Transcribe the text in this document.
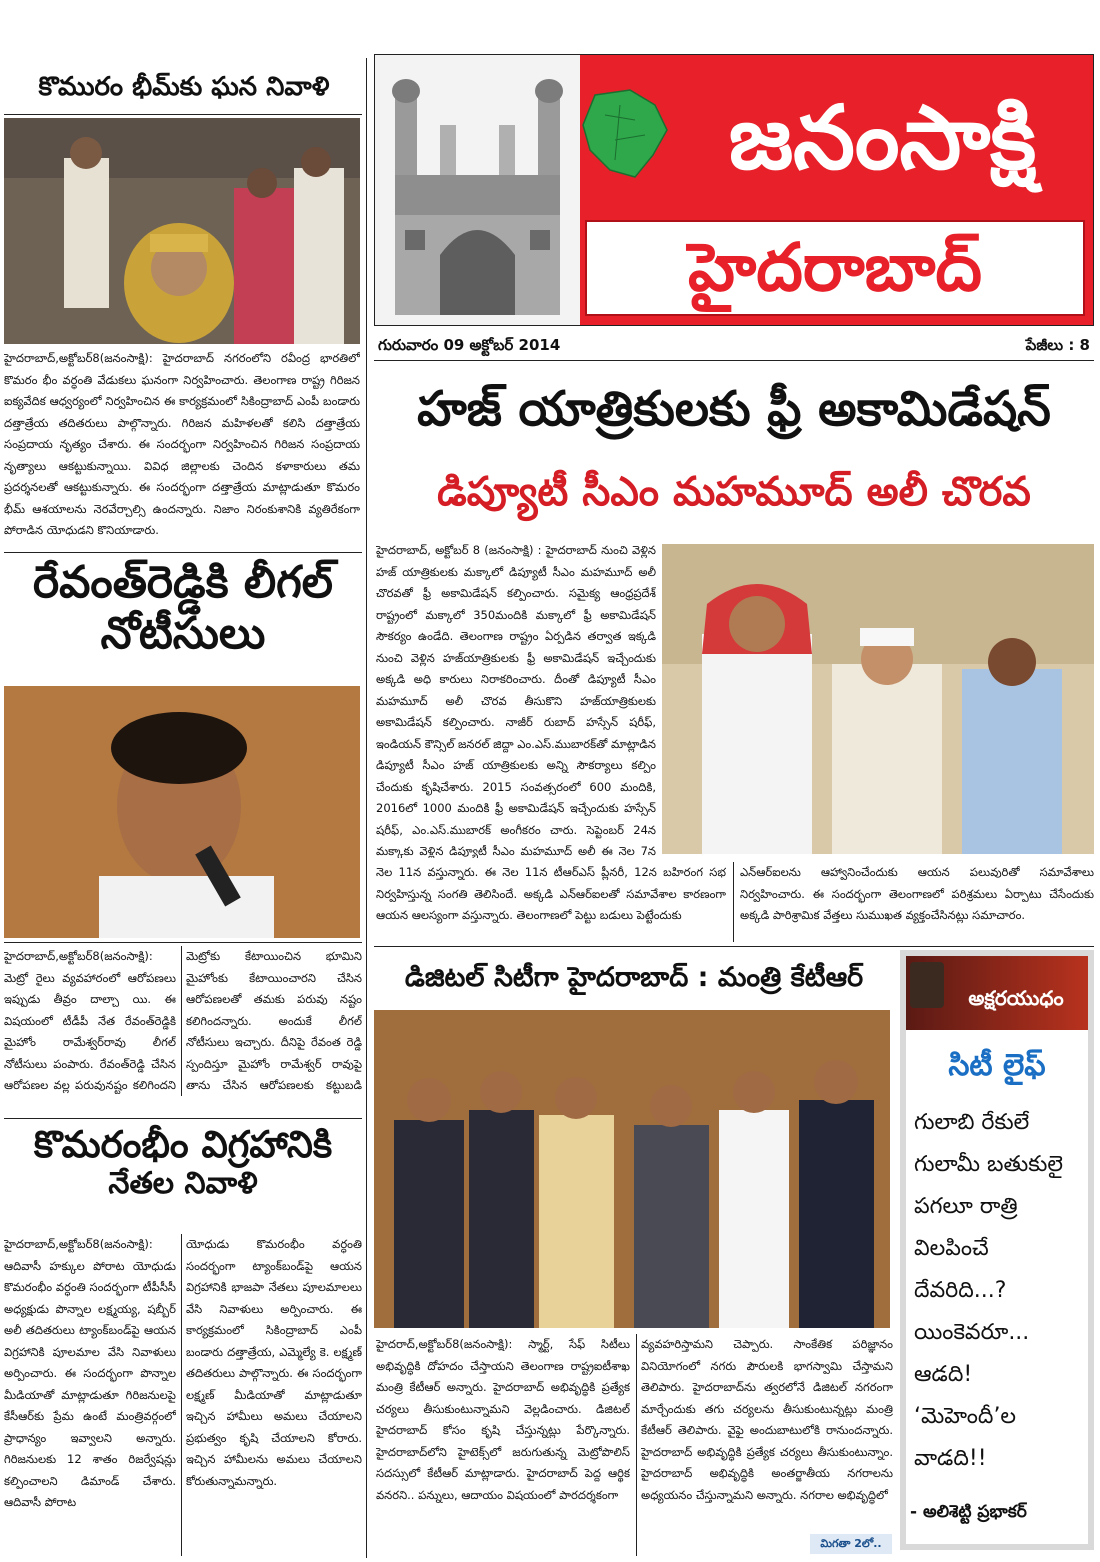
కొమురం భీమ్‌కు ఘన నివాళి
హైదరాబాద్,అక్టోబర్8(జనంసాక్షి): హైదరాబాద్ నగరంలోని రవీంద్ర భారతిలో కొమరం భీం వర్ధంతి వేడుకలు ఘనంగా నిర్వహించారు. తెలంగాణ రాష్ట్ర గిరిజన ఐక్యవేదిక ఆధ్వర్యంలో నిర్వహించిన ఈ కార్యక్రమంలో సికింద్రాబాద్ ఎంపీ బండారు దత్తాత్రేయ తదితరులు పాల్గొన్నారు. గిరిజన మహిళలతో కలిసి దత్తాత్రేయ సంప్రదాయ నృత్యం చేశారు. ఈ సందర్భంగా నిర్వహించిన గిరిజన సంప్రదాయ నృత్యాలు ఆకట్టుకున్నాయి. వివిధ జిల్లాలకు చెందిన కళాకారులు తమ ప్రదర్శనలతో ఆకట్టుకున్నారు. ఈ సందర్భంగా దత్తాత్రేయ మాట్లాడుతూ కొమరం భీమ్ ఆశయాలను నెరవేర్చాల్సి ఉందన్నారు. నిజాం నిరంకుశానికి వ్యతిరేకంగా పోరాడిన యోధుడని కొనియాడారు.
రేవంత్‌రెడ్డికి లీగల్
నోటీసులు
హైదరాబాద్,అక్టోబర్8(జనంసాక్షి): మెట్రో రైలు వ్యవహారంలో ఆరోపణలు ఇప్పుడు తీవ్రం దాల్చా యి. ఈ విషయంలో టీడీపీ నేత రేవంత్‌రెడ్డికి మైహోం రామేశ్వర్‌రావు లీగల్ నోటీసులు పంపారు. రేవంత్‌రెడ్డి చేసిన ఆరోపణల వల్ల పరువునష్టం కలిగిందని
మెట్రోకు కేటాయించిన భూమిని మైహోంకు కేటాయించారని చేసిన ఆరోపణలతో తమకు పరువు నష్టం కలిగిందన్నారు. అందుకే లీగల్ నోటీసులు ఇచ్చారు. దీనిపై రేవంత రెడ్డి స్పందిస్తూ మైహోం రామేశ్వర్ రావుపై తాను చేసిన ఆరోపణలకు కట్టుబడి
కొమరంభీం విగ్రహానికి
నేతల నివాళి
హైదరాబాద్,అక్టోబర్8(జనంసాక్షి): ఆదివాసీ హక్కుల పోరాట యోధుడు కొమరంభీం వర్ధంతి సందర్భంగా టీపీసీసీ అధ్యక్షుడు పొన్నాల లక్ష్మయ్య, షబ్బీర్ అలీ తదితరులు ట్యాంక్‌బండ్‌పై ఆయన విగ్రహానికి పూలమాల వేసి నివాళులు అర్పించారు. ఈ సందర్భంగా పొన్నాల మీడియాతో మాట్లాడుతూ గిరిజనులపై కేసీఆర్‌కు ప్రేమ ఉంటే మంత్రివర్గంలో ప్రాధాన్యం ఇవ్వాలని అన్నారు. గిరిజనులకు 12 శాతం రిజర్వేషన్లు కల్పించాలని డిమాండ్ చేశారు. ఆదివాసీ పోరాట
యోధుడు కొమరంభీం వర్ధంతి సందర్భంగా ట్యాంక్‌బండ్‌పై ఆయన విగ్రహానికి భాజపా నేతలు పూలమాలలు వేసి నివాళులు అర్పించారు. ఈ కార్యక్రమంలో సికింద్రాబాద్ ఎంపీ బండారు దత్తాత్రేయ, ఎమ్మెల్యే కె. లక్ష్మణ్ తదితరులు పాల్గొన్నారు. ఈ సందర్భంగా లక్ష్మణ్ మీడియాతో మాట్లాడుతూ ఇచ్చిన హామీలు అమలు చేయాలని ప్రభుత్వం కృషి చేయాలని కోరారు. ఇచ్చిన హామీలను అమలు చేయాలని కోరుతున్నామన్నారు.
జనంసాక్షి
హైదరాబాద్
గురువారం 09 అక్టోబర్ 2014	పేజీలు : 8
హజ్ యాత్రికులకు ఫ్రీ అకామిడేషన్
డిప్యూటీ సీఎం మహమూద్ అలీ చొరవ
హైదరాబాద్, అక్టోబర్ 8 (జనంసాక్షి) : హైదరాబాద్ నుంచి వెళ్లిన హజ్ యాత్రికులకు మక్కాలో డిప్యూటీ సీఎం మహమూద్ అలీ చొరవతో ఫ్రీ అకామిడేషన్ కల్పించారు. సమైక్య ఆంధ్రప్రదేశ్ రాష్ట్రంలో మక్కాలో 350మందికి మక్కాలో ఫ్రీ అకామిడేషన్ సౌకర్యం ఉండేది. తెలంగాణ రాష్ట్రం ఏర్పడిన తర్వాత ఇక్కడి నుంచి వెళ్లిన హజ్‌యాత్రికులకు ఫ్రీ అకామిడేషన్ ఇచ్చేందుకు అక్కడి అధి కారులు నిరాకరించారు. దీంతో డిప్యూటీ సీఎం మహమూద్ అలీ చొరవ తీసుకొని హజ్‌యాత్రికులకు అకామిడేషన్ కల్పించారు. నాజీర్ రుబాద్ హస్సేన్ షరీఫ్, ఇండియన్ కౌన్సిల్ జనరల్ జిద్దా ఎం.ఎస్.ముబారక్‌తో మాట్లాడిన డిప్యూటీ సీఎం హజ్ యాత్రికులకు అన్ని సౌకర్యాలు కల్పిం చేందుకు కృషిచేశారు. 2015 సంవత్సరంలో 600 మందికి, 2016లో 1000 మందికి ఫ్రీ అకామిడేషన్ ఇచ్చేందుకు హస్సేన్ షరీఫ్, ఎం.ఎస్.ముబారక్ అంగీకరం చారు. సెప్టెంబర్ 24న మక్కాకు వెళ్లిన డిప్యూటీ సీఎం మహమూద్ అలీ ఈ నెల 7న
నెల 11న వస్తున్నారు. ఈ నెల 11న టీఆర్‌ఎస్ ప్లీనరీ, 12న బహిరంగ సభ నిర్వహిస్తున్న సంగతి తెలిసిందే. అక్కడి ఎన్‌ఆర్‌ఐలతో సమావేశాల కారణంగా ఆయన ఆలస్యంగా వస్తున్నారు. తెలంగాణలో పెట్టు బడులు పెట్టేందుకు
ఎన్‌ఆర్‌ఐలను ఆహ్వానించేందుకు ఆయన పలువురితో సమావేశాలు నిర్వహించారు. ఈ సందర్భంగా తెలంగాణలో పరిశ్రమలు ఏర్పాటు చేసేందుకు అక్కడి పారిశ్రామిక వేత్తలు సుముఖత వ్యక్తంచేసినట్లు సమాచారం.
డిజిటల్ సిటీగా హైదరాబాద్ : మంత్రి కేటీఆర్
హైదరాద్,అక్టోబర్8(జనంసాక్షి): స్మార్ట్, సేఫ్ సిటీలు అభివృద్ధికి దోహదం చేస్తాయని తెలంగాణ రాష్ట్రఐటీశాఖ మంత్రి కేటీఆర్ అన్నారు. హైదరాబాద్ అభివృద్ధికి ప్రత్యేక చర్యలు తీసుకుంటున్నామని వెల్లడించారు. డిజిటల్ హైదరాబాద్ కోసం కృషి చేస్తున్నట్లు పేర్కొన్నారు. హైదరాబాద్‌లోని హైటెక్స్‌లో జరుగుతున్న మెట్రోపొలిస్ సదస్సులో కేటీఆర్ మాట్లాడారు. హైదరాబాద్ పెద్ద ఆర్థిక వనరని.. పన్నులు, ఆదాయం విషయంలో పారదర్శకంగా
వ్యవహరిస్తామని చెప్పారు. సాంకేతిక పరిజ్ఞానం వినియోగంలో నగరు పౌరులకి భాగస్వామి చేస్తామని తెలిపారు. హైదరాబాద్‌ను త్వరలోనే డిజిటల్ నగరంగా మార్చేందుకు తగు చర్యలను తీసుకుంటున్నట్లు మంత్రి కేటీఆర్ తెలిపారు. వైఫై అందుబాటులోకి రానుందన్నారు. హైదరాబాద్ అభివృద్ధికి ప్రత్యేక చర్యలు తీసుకుంటున్నాం. హైదరాబాద్ అభివృద్ధికి అంతర్జాతీయ నగరాలను అధ్యయనం చేస్తున్నామని అన్నారు. నగరాల అభివృద్ధిలో
మిగతా 2లో..
అక్షరయుధం
సిటీ లైఫ్
గులాబి రేకులే
గులామీ బతుకులై
పగలూ రాత్రి
విలపించే
దేవరిది...?
యింకెవరూ...
ఆడది!
‘మెహెందీ’ల
వాడది!!
- అలిశెట్టి ప్రభాకర్
